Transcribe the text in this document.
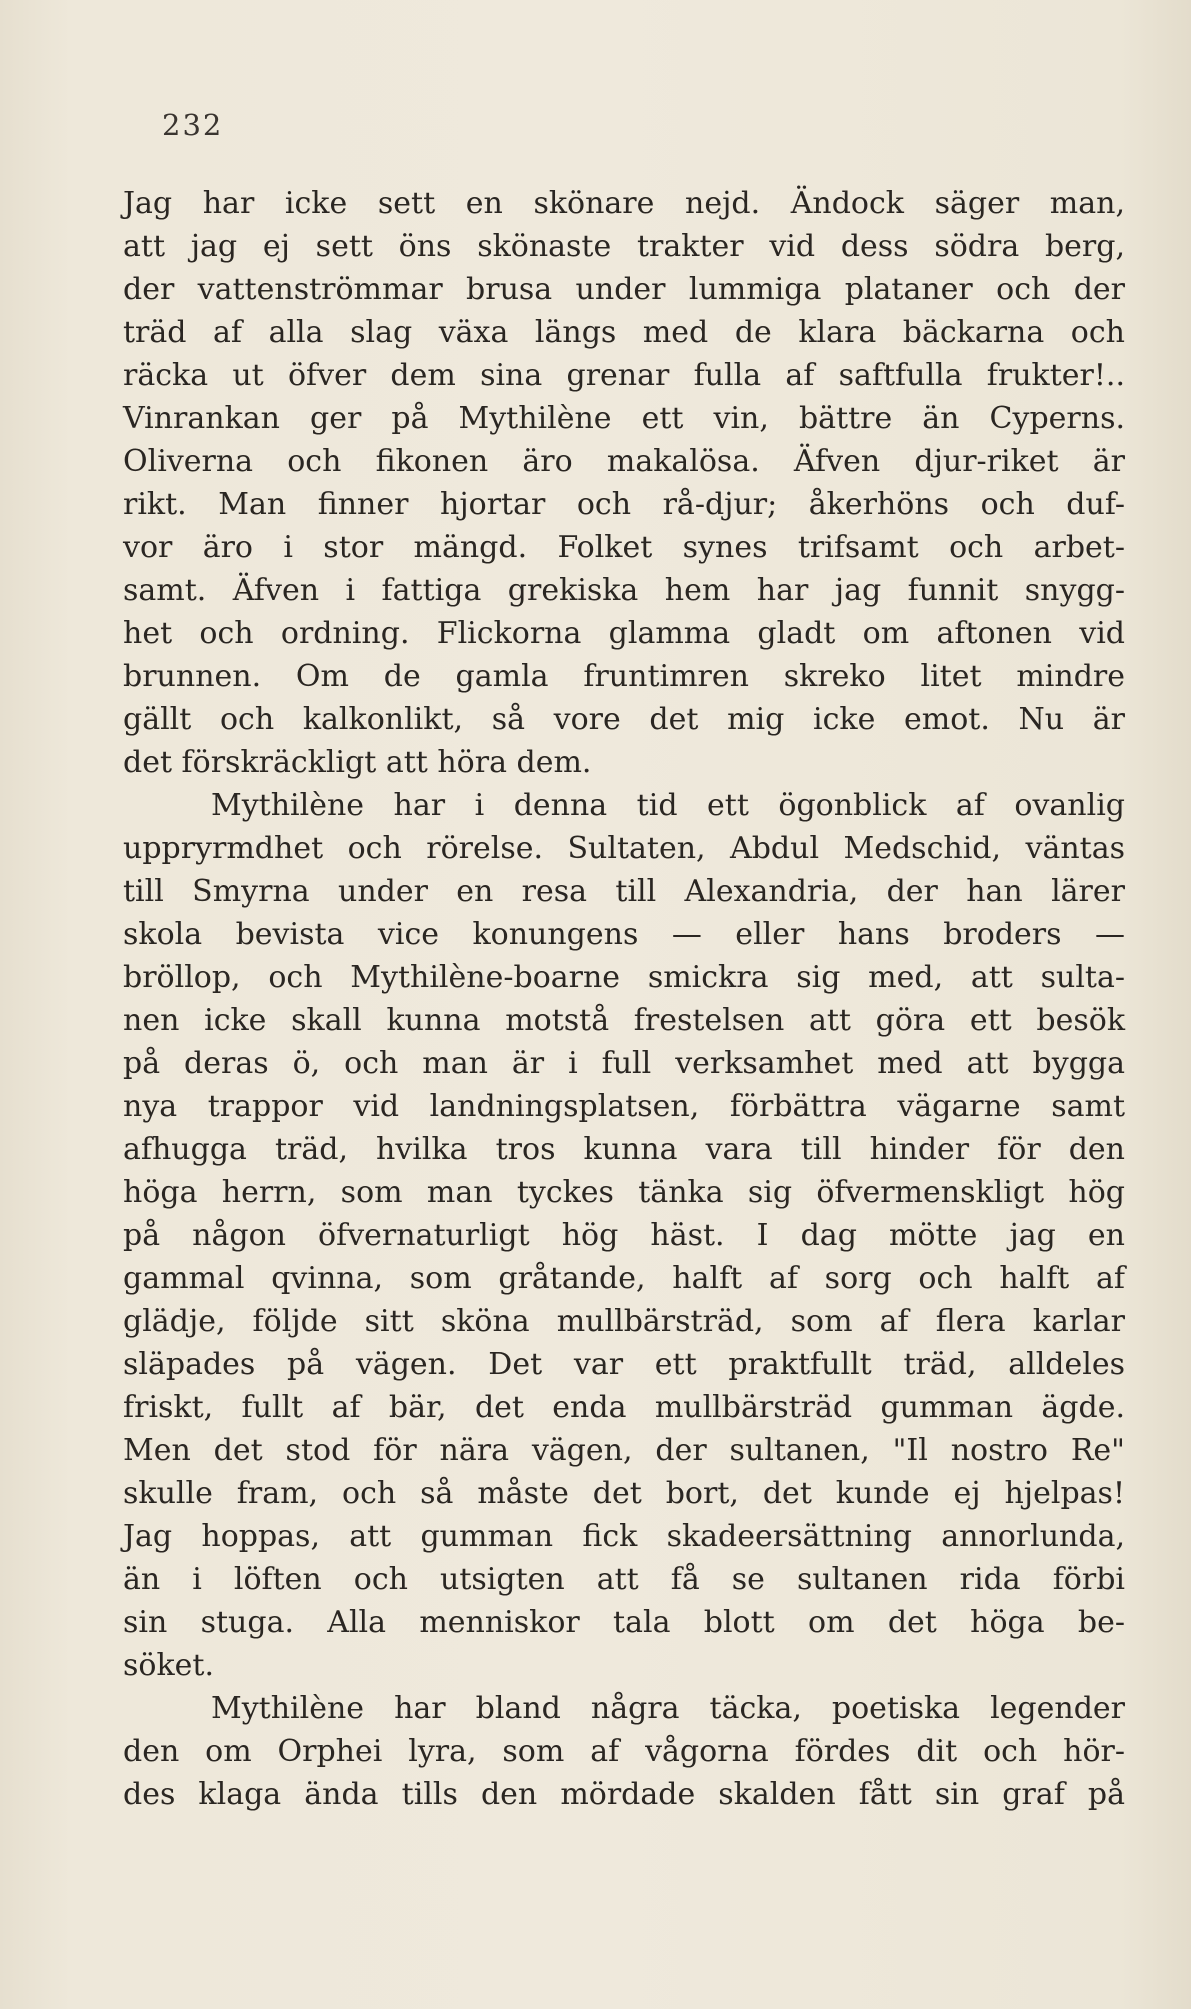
232
Jag har icke sett en skönare nejd. Ändock säger man,
att jag ej sett öns skönaste trakter vid dess södra berg,
der vattenströmmar brusa under lummiga plataner och der
träd af alla slag växa längs med de klara bäckarna och
räcka ut öfver dem sina grenar fulla af saftfulla frukter!..
Vinrankan ger på Mythilène ett vin, bättre än Cyperns.
Oliverna och fikonen äro makalösa. Äfven djur-riket är
rikt. Man finner hjortar och rå-djur; åkerhöns och duf-
vor äro i stor mängd. Folket synes trifsamt och arbet-
samt. Äfven i fattiga grekiska hem har jag funnit snygg-
het och ordning. Flickorna glamma gladt om aftonen vid
brunnen. Om de gamla fruntimren skreko litet mindre
gällt och kalkonlikt, så vore det mig icke emot. Nu är
det förskräckligt att höra dem.
Mythilène har i denna tid ett ögonblick af ovanlig
uppryrmdhet och rörelse. Sultaten, Abdul Medschid, väntas
till Smyrna under en resa till Alexandria, der han lärer
skola bevista vice konungens — eller hans broders —
bröllop, och Mythilène-boarne smickra sig med, att sulta-
nen icke skall kunna motstå frestelsen att göra ett besök
på deras ö, och man är i full verksamhet med att bygga
nya trappor vid landningsplatsen, förbättra vägarne samt
afhugga träd, hvilka tros kunna vara till hinder för den
höga herrn, som man tyckes tänka sig öfvermenskligt hög
på någon öfvernaturligt hög häst. I dag mötte jag en
gammal qvinna, som gråtande, halft af sorg och halft af
glädje, följde sitt sköna mullbärsträd, som af flera karlar
släpades på vägen. Det var ett praktfullt träd, alldeles
friskt, fullt af bär, det enda mullbärsträd gumman ägde.
Men det stod för nära vägen, der sultanen, "Il nostro Re"
skulle fram, och så måste det bort, det kunde ej hjelpas!
Jag hoppas, att gumman fick skadeersättning annorlunda,
än i löften och utsigten att få se sultanen rida förbi
sin stuga. Alla menniskor tala blott om det höga be-
söket.
Mythilène har bland några täcka, poetiska legender
den om Orphei lyra, som af vågorna fördes dit och hör-
des klaga ända tills den mördade skalden fått sin graf på
